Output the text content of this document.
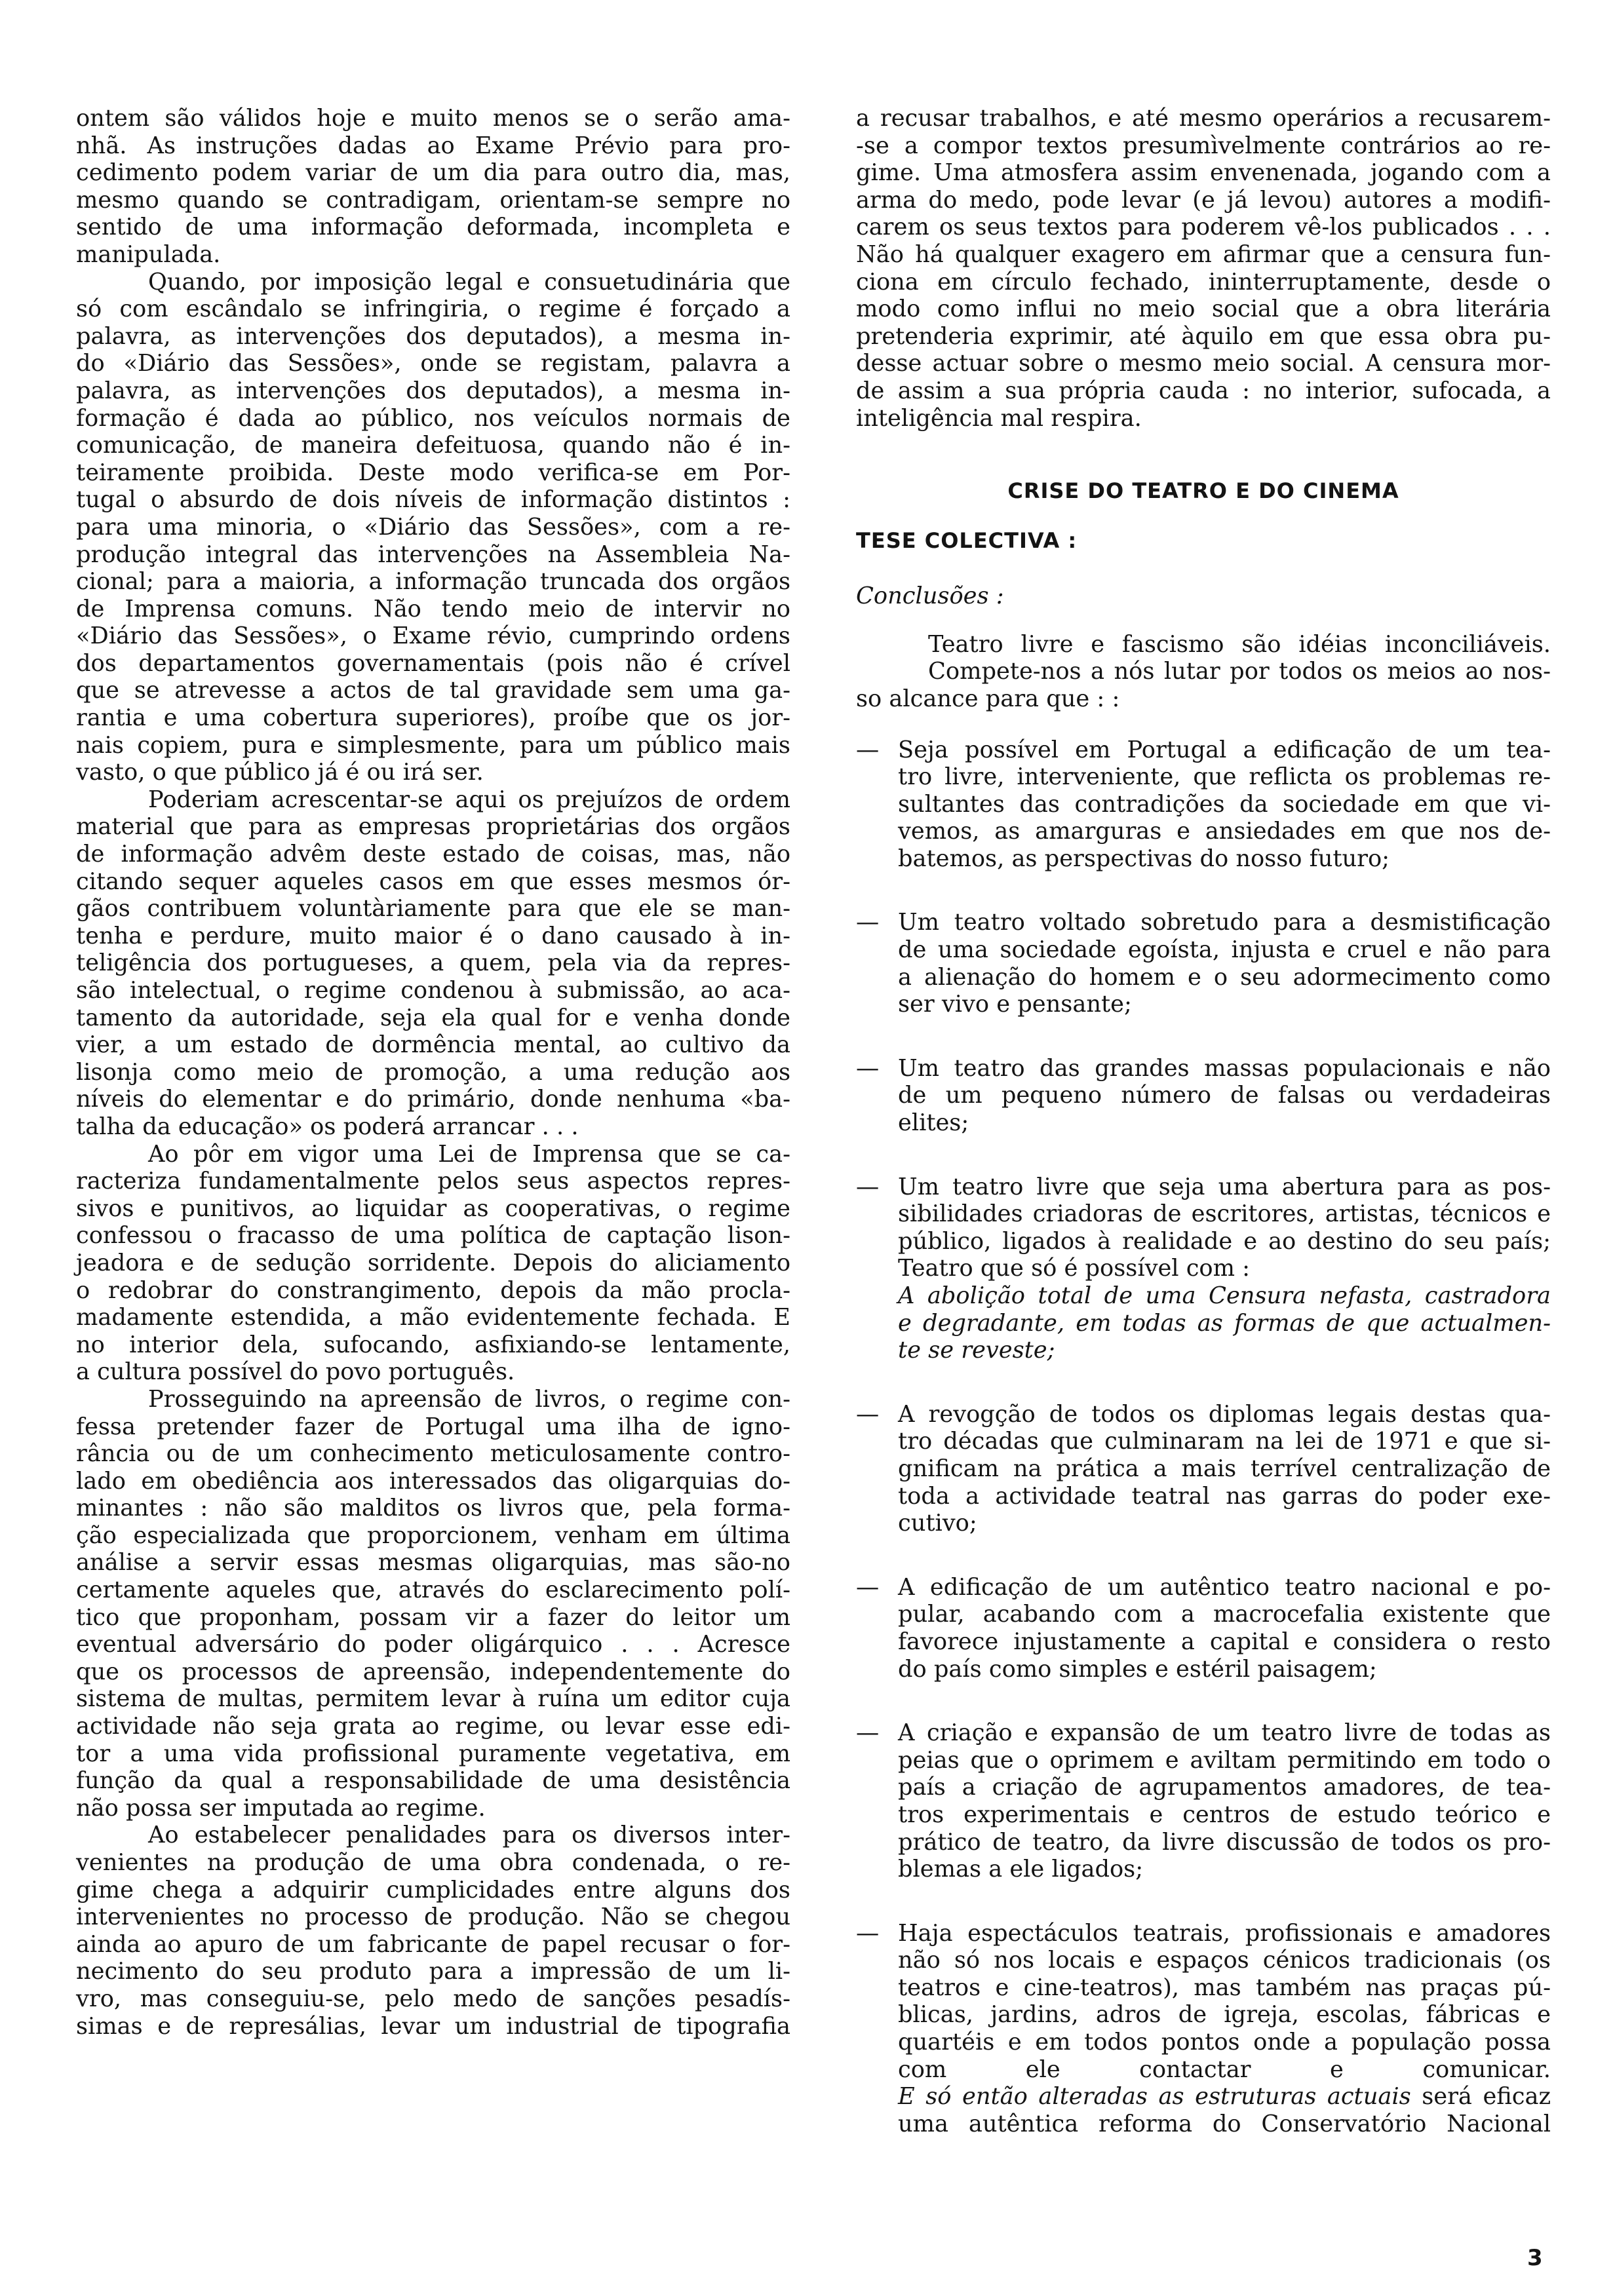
ontem são válidos hoje e muito menos se o serão ama-
nhã. As instruções dadas ao Exame Prévio para pro-
cedimento podem variar de um dia para outro dia, mas,
mesmo quando se contradigam, orientam-se sempre no
sentido de uma informação deformada, incompleta e
manipulada.
Quando, por imposição legal e consuetudinária que
só com escândalo se infringiria, o regime é forçado a
palavra, as intervenções dos deputados), a mesma in-
do «Diário das Sessões», onde se registam, palavra a
palavra, as intervenções dos deputados), a mesma in-
formação é dada ao público, nos veículos normais de
comunicação, de maneira defeituosa, quando não é in-
teiramente proibida. Deste modo verifica-se em Por-
tugal o absurdo de dois níveis de informação distintos :
para uma minoria, o «Diário das Sessões», com a re-
produção integral das intervenções na Assembleia Na-
cional; para a maioria, a informação truncada dos orgãos
de Imprensa comuns. Não tendo meio de intervir no
«Diário das Sessões», o Exame révio, cumprindo ordens
dos departamentos governamentais (pois não é crível
que se atrevesse a actos de tal gravidade sem uma ga-
rantia e uma cobertura superiores), proíbe que os jor-
nais copiem, pura e simplesmente, para um público mais
vasto, o que público já é ou irá ser.
Poderiam acrescentar-se aqui os prejuízos de ordem
material que para as empresas proprietárias dos orgãos
de informação advêm deste estado de coisas, mas, não
citando sequer aqueles casos em que esses mesmos ór-
gãos contribuem voluntàriamente para que ele se man-
tenha e perdure, muito maior é o dano causado à in-
teligência dos portugueses, a quem, pela via da repres-
são intelectual, o regime condenou à submissão, ao aca-
tamento da autoridade, seja ela qual for e venha donde
vier, a um estado de dormência mental, ao cultivo da
lisonja como meio de promoção, a uma redução aos
níveis do elementar e do primário, donde nenhuma «ba-
talha da educação» os poderá arrancar . . .
Ao pôr em vigor uma Lei de Imprensa que se ca-
racteriza fundamentalmente pelos seus aspectos repres-
sivos e punitivos, ao liquidar as cooperativas, o regime
confessou o fracasso de uma política de captação lison-
jeadora e de sedução sorridente. Depois do aliciamento
o redobrar do constrangimento, depois da mão procla-
madamente estendida, a mão evidentemente fechada. E
no interior dela, sufocando, asfixiando-se lentamente,
a cultura possível do povo português.
Prosseguindo na apreensão de livros, o regime con-
fessa pretender fazer de Portugal uma ilha de igno-
rância ou de um conhecimento meticulosamente contro-
lado em obediência aos interessados das oligarquias do-
minantes : não são malditos os livros que, pela forma-
ção especializada que proporcionem, venham em última
análise a servir essas mesmas oligarquias, mas são-no
certamente aqueles que, através do esclarecimento polí-
tico que proponham, possam vir a fazer do leitor um
eventual adversário do poder oligárquico . . . Acresce
que os processos de apreensão, independentemente do
sistema de multas, permitem levar à ruína um editor cuja
actividade não seja grata ao regime, ou levar esse edi-
tor a uma vida profissional puramente vegetativa, em
função da qual a responsabilidade de uma desistência
não possa ser imputada ao regime.
Ao estabelecer penalidades para os diversos inter-
venientes na produção de uma obra condenada, o re-
gime chega a adquirir cumplicidades entre alguns dos
intervenientes no processo de produção. Não se chegou
ainda ao apuro de um fabricante de papel recusar o for-
necimento do seu produto para a impressão de um li-
vro, mas conseguiu-se, pelo medo de sanções pesadís-
simas e de represálias, levar um industrial de tipografia
a recusar trabalhos, e até mesmo operários a recusarem-
-se a compor textos presumìvelmente contrários ao re-
gime. Uma atmosfera assim envenenada, jogando com a
arma do medo, pode levar (e já levou) autores a modifi-
carem os seus textos para poderem vê-los publicados . . .
Não há qualquer exagero em afirmar que a censura fun-
ciona em círculo fechado, ininterruptamente, desde o
modo como influi no meio social que a obra literária
pretenderia exprimir, até àquilo em que essa obra pu-
desse actuar sobre o mesmo meio social. A censura mor-
de assim a sua própria cauda : no interior, sufocada, a
inteligência mal respira.
CRISE DO TEATRO E DO CINEMA
TESE COLECTIVA :
Conclusões :
Teatro livre e fascismo são idéias inconciliáveis.
Compete-nos a nós lutar por todos os meios ao nos-
so alcance para que : :
— Seja possível em Portugal a edificação de um tea-
tro livre, interveniente, que reflicta os problemas re-
sultantes das contradições da sociedade em que vi-
vemos, as amarguras e ansiedades em que nos de-
batemos, as perspectivas do nosso futuro;
— Um teatro voltado sobretudo para a desmistificação
de uma sociedade egoísta, injusta e cruel e não para
a alienação do homem e o seu adormecimento como
ser vivo e pensante;
— Um teatro das grandes massas populacionais e não
de um pequeno número de falsas ou verdadeiras
elites;
— Um teatro livre que seja uma abertura para as pos-
sibilidades criadoras de escritores, artistas, técnicos e
público, ligados à realidade e ao destino do seu país;
Teatro que só é possível com :
A abolição total de uma Censura nefasta, castradora
e degradante, em todas as formas de que actualmen-
te se reveste;
— A revogção de todos os diplomas legais destas qua-
tro décadas que culminaram na lei de 1971 e que si-
gnificam na prática a mais terrível centralização de
toda a actividade teatral nas garras do poder exe-
cutivo;
— A edificação de um autêntico teatro nacional e po-
pular, acabando com a macrocefalia existente que
favorece injustamente a capital e considera o resto
do país como simples e estéril paisagem;
— A criação e expansão de um teatro livre de todas as
peias que o oprimem e aviltam permitindo em todo o
país a criação de agrupamentos amadores, de tea-
tros experimentais e centros de estudo teórico e
prático de teatro, da livre discussão de todos os pro-
blemas a ele ligados;
— Haja espectáculos teatrais, profissionais e amadores
não só nos locais e espaços cénicos tradicionais (os
teatros e cine-teatros), mas também nas praças pú-
blicas, jardins, adros de igreja, escolas, fábricas e
quartéis e em todos pontos onde a população possa
com ele contactar e comunicar.
E só então alteradas as estruturas actuais será eficaz
uma autêntica reforma do Conservatório Nacional
3
